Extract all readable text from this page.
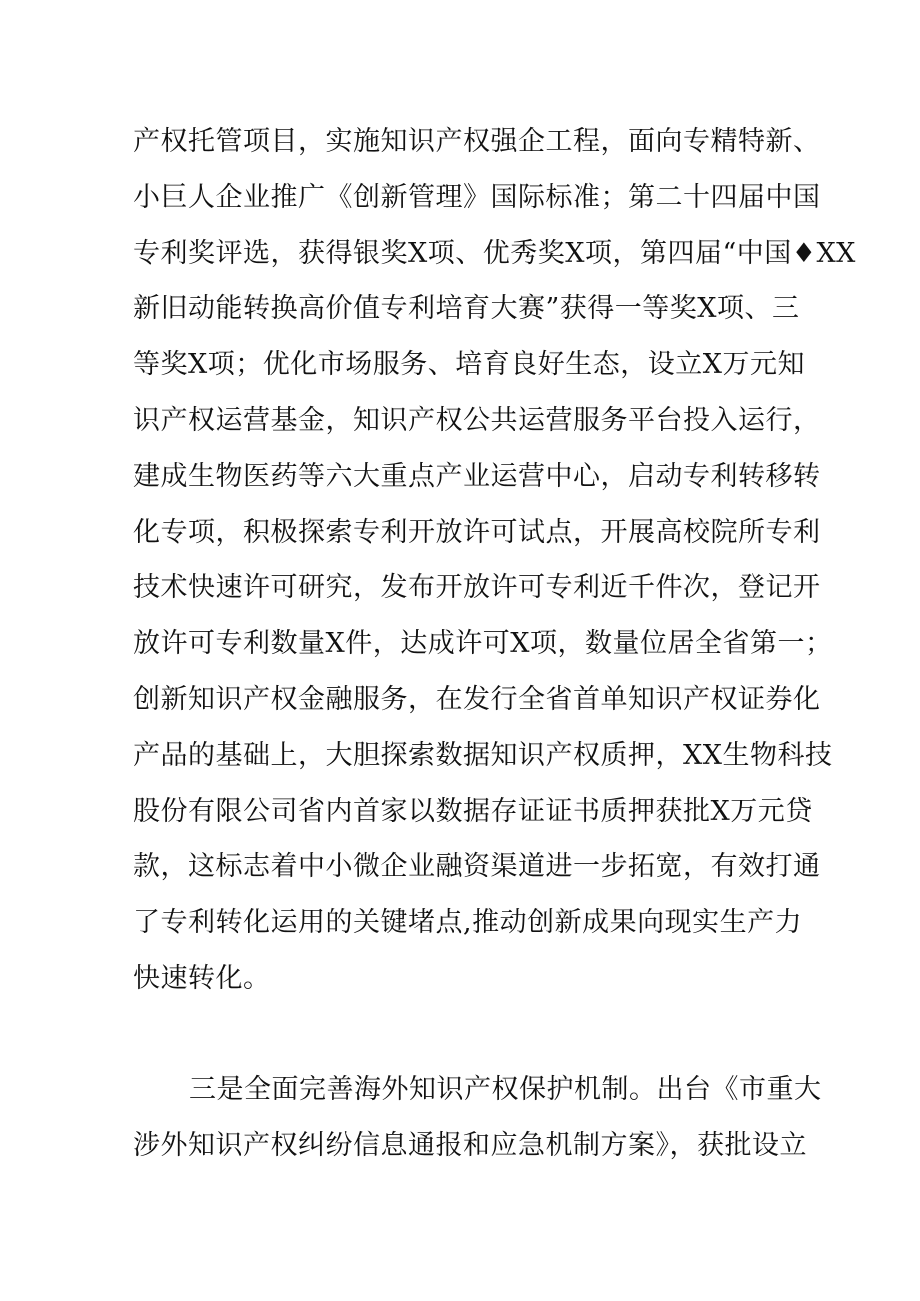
产权托管项目，实施知识产权强企工程，面向专精特新、
小巨人企业推广《创新管理》国际标准；第二十四届中国
专利奖评选，获得银奖X项、优秀奖X项，第四届“中国♦XX
新旧动能转换高价值专利培育大赛”获得一等奖X项、三
等奖X项；优化市场服务、培育良好生态，设立X万元知
识产权运营基金，知识产权公共运营服务平台投入运行，
建成生物医药等六大重点产业运营中心，启动专利转移转
化专项，积极探索专利开放许可试点，开展高校院所专利
技术快速许可研究，发布开放许可专利近千件次，登记开
放许可专利数量X件，达成许可X项，数量位居全省第一；
创新知识产权金融服务，在发行全省首单知识产权证券化
产品的基础上，大胆探索数据知识产权质押，XX生物科技
股份有限公司省内首家以数据存证证书质押获批X万元贷
款，这标志着中小微企业融资渠道进一步拓宽，有效打通
了专利转化运用的关键堵点,推动创新成果向现实生产力
快速转化。
三是全面完善海外知识产权保护机制。出台《市重大
涉外知识产权纠纷信息通报和应急机制方案》，获批设立
